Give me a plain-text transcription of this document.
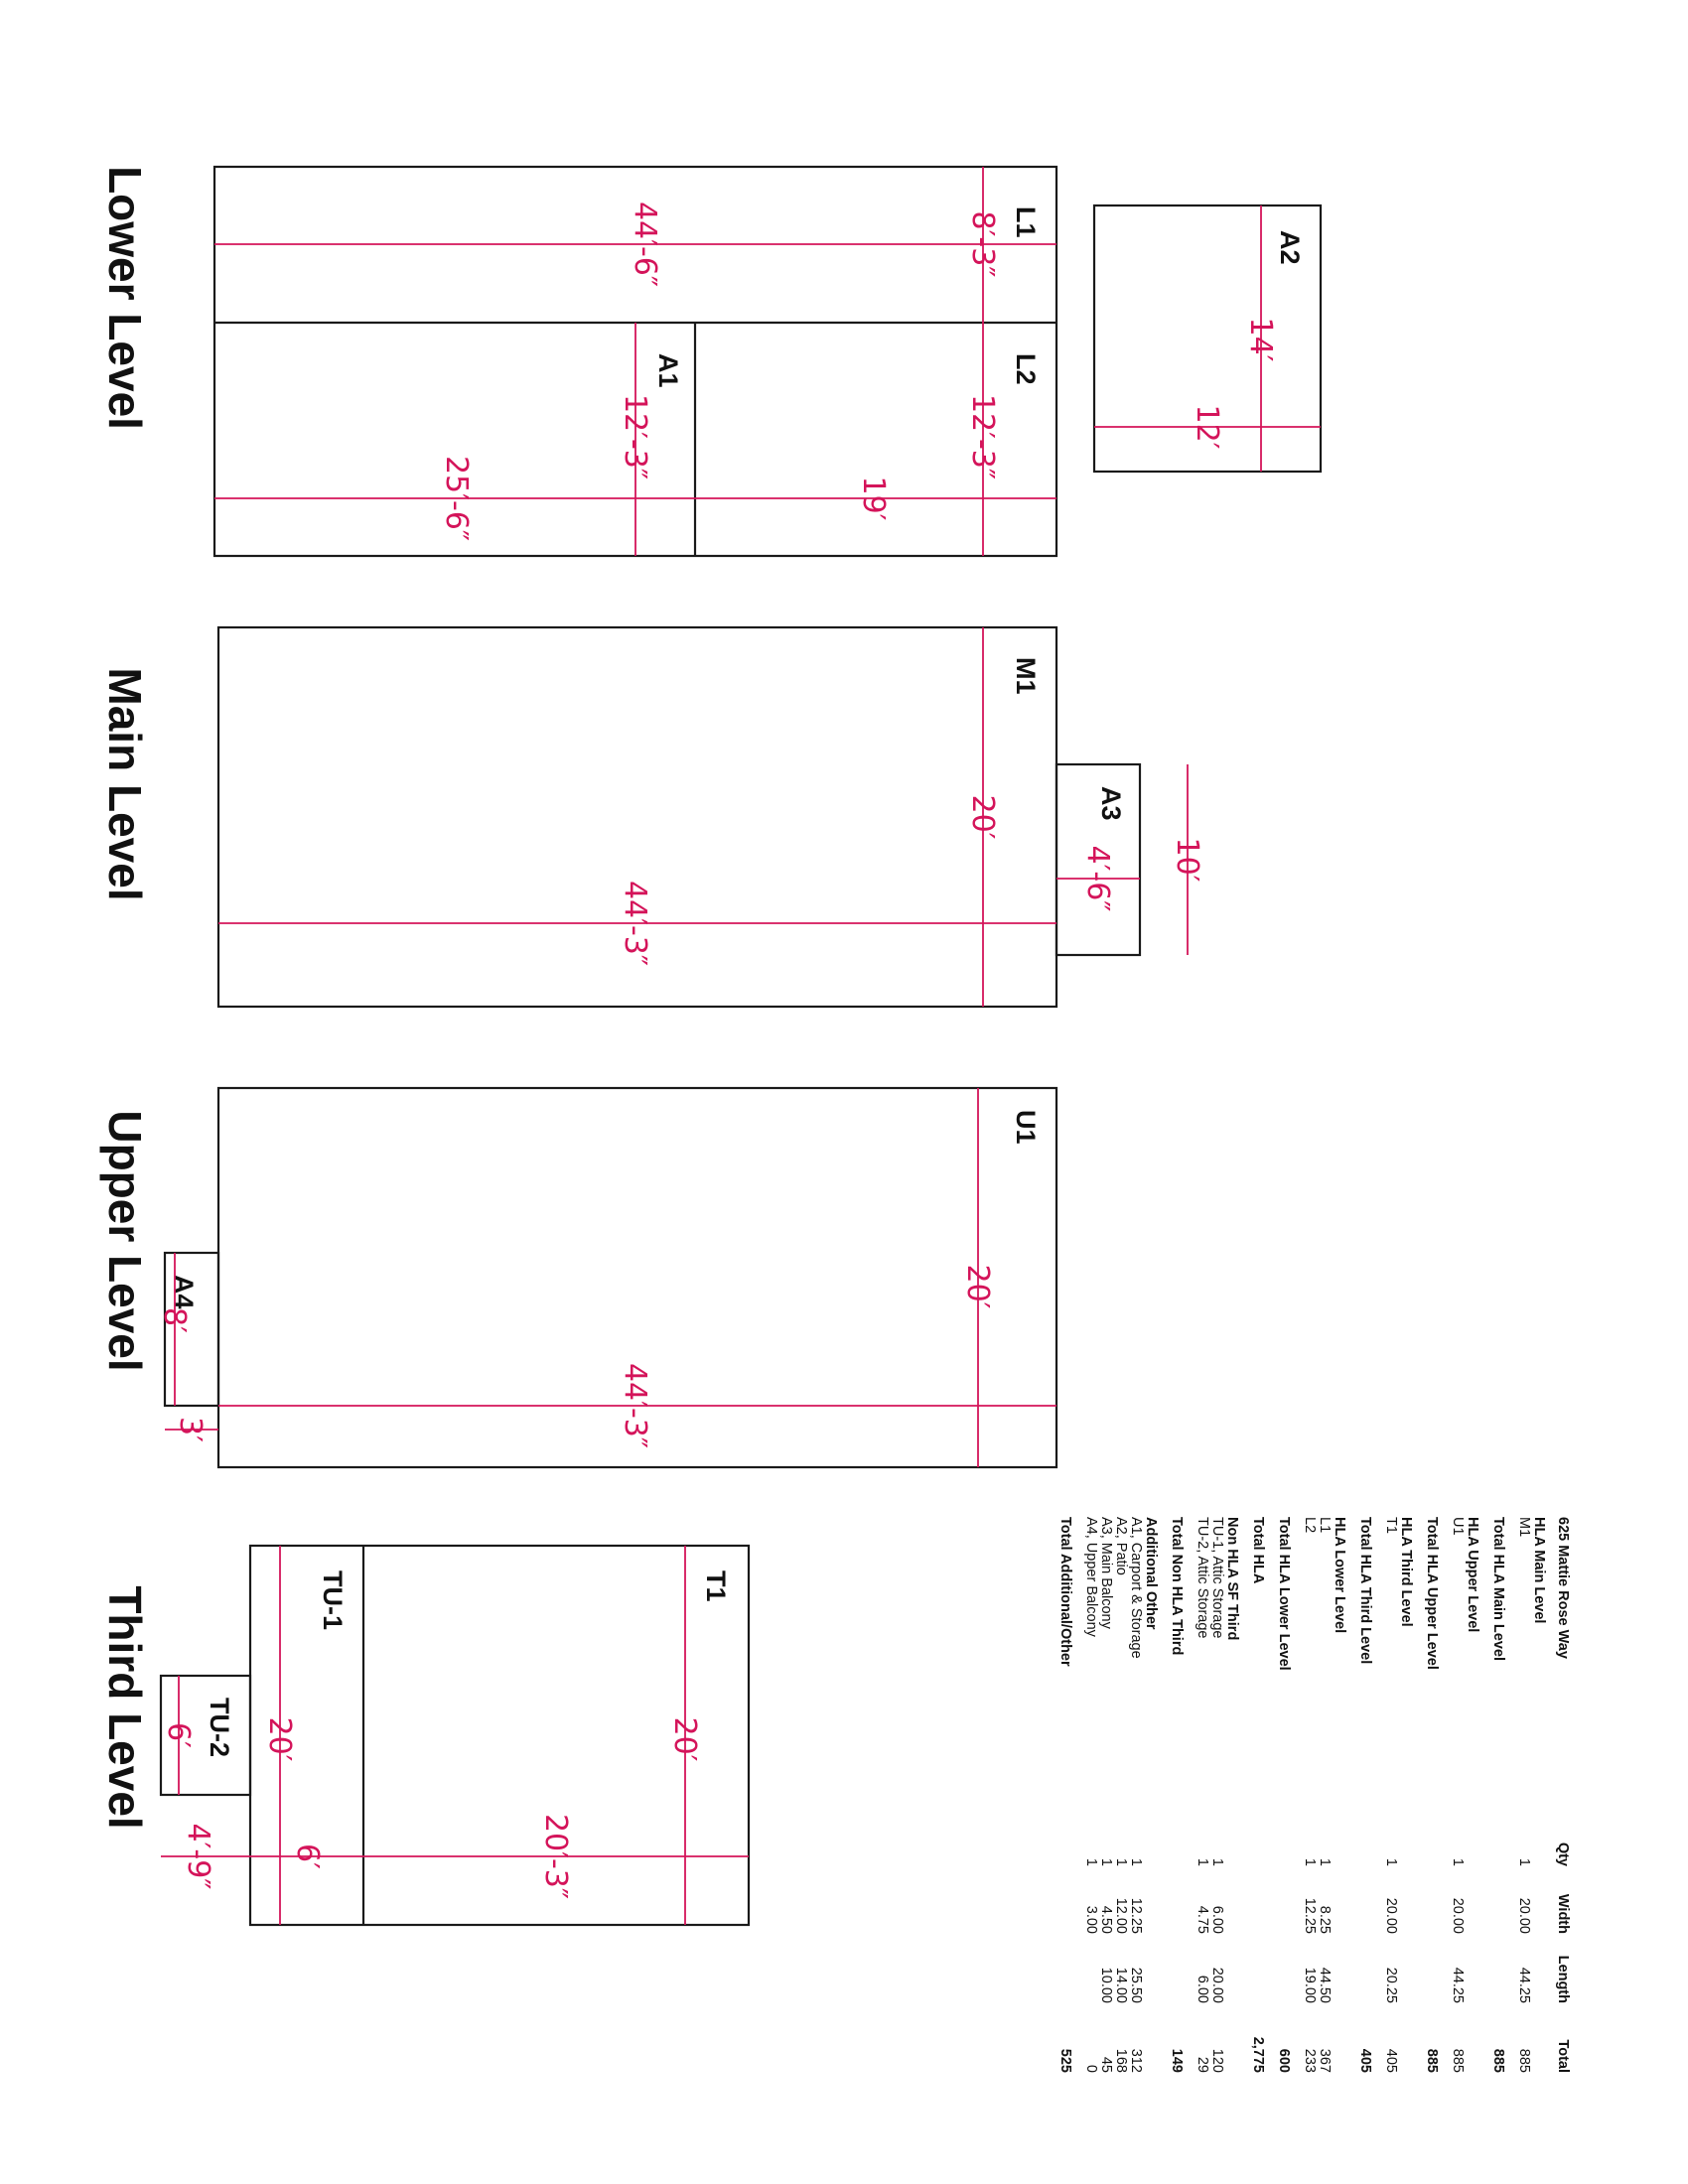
Lower Level
Main Level
Upper Level
Third Level
L1
44′-6″	8′-3″
L2
12′-3″
19′
A1
12′-3″
25′-6″
A2
14′
12′
M1
20′
44′-3″
A3
4′-6″ 10′
U1
20′
44′-3″
A4
8′
3′
T1
20′
20′-3″
TU-1
20′
6′
TU-2
6′
4′-9″
625 Mattie Rose Way
Qty
Width
Length
Total
HLA Main Level
M1
1
20.00
44.25
885
Total HLA Main Level
885
HLA Upper Level
U1
1
20.00
44.25
885
Total HLA Upper Level
885
HLA Third Level
T1
1
20.00
20.25
405
Total HLA Third Level
405
HLA Lower Level
L1
1
8.25
44.50
367
L2
1
12.25
19.00
233
Total HLA Lower Level
600
Total HLA
2,775
Non HLA SF Third
TU-1, Attic Storage
1
6.00
20.00
120
TU-2, Attic Storage
1
4.75
6.00
29
Total Non HLA Third
149
Additional Other
A1, Carport & Storage
1
12.25
25.50
312
A2, Patio
1
12.00
14.00
168
A3, Main Balcony
1
4.50
10.00
45
A4, Upper Balcony
1
3.00
0
Total Additional/Other
525
